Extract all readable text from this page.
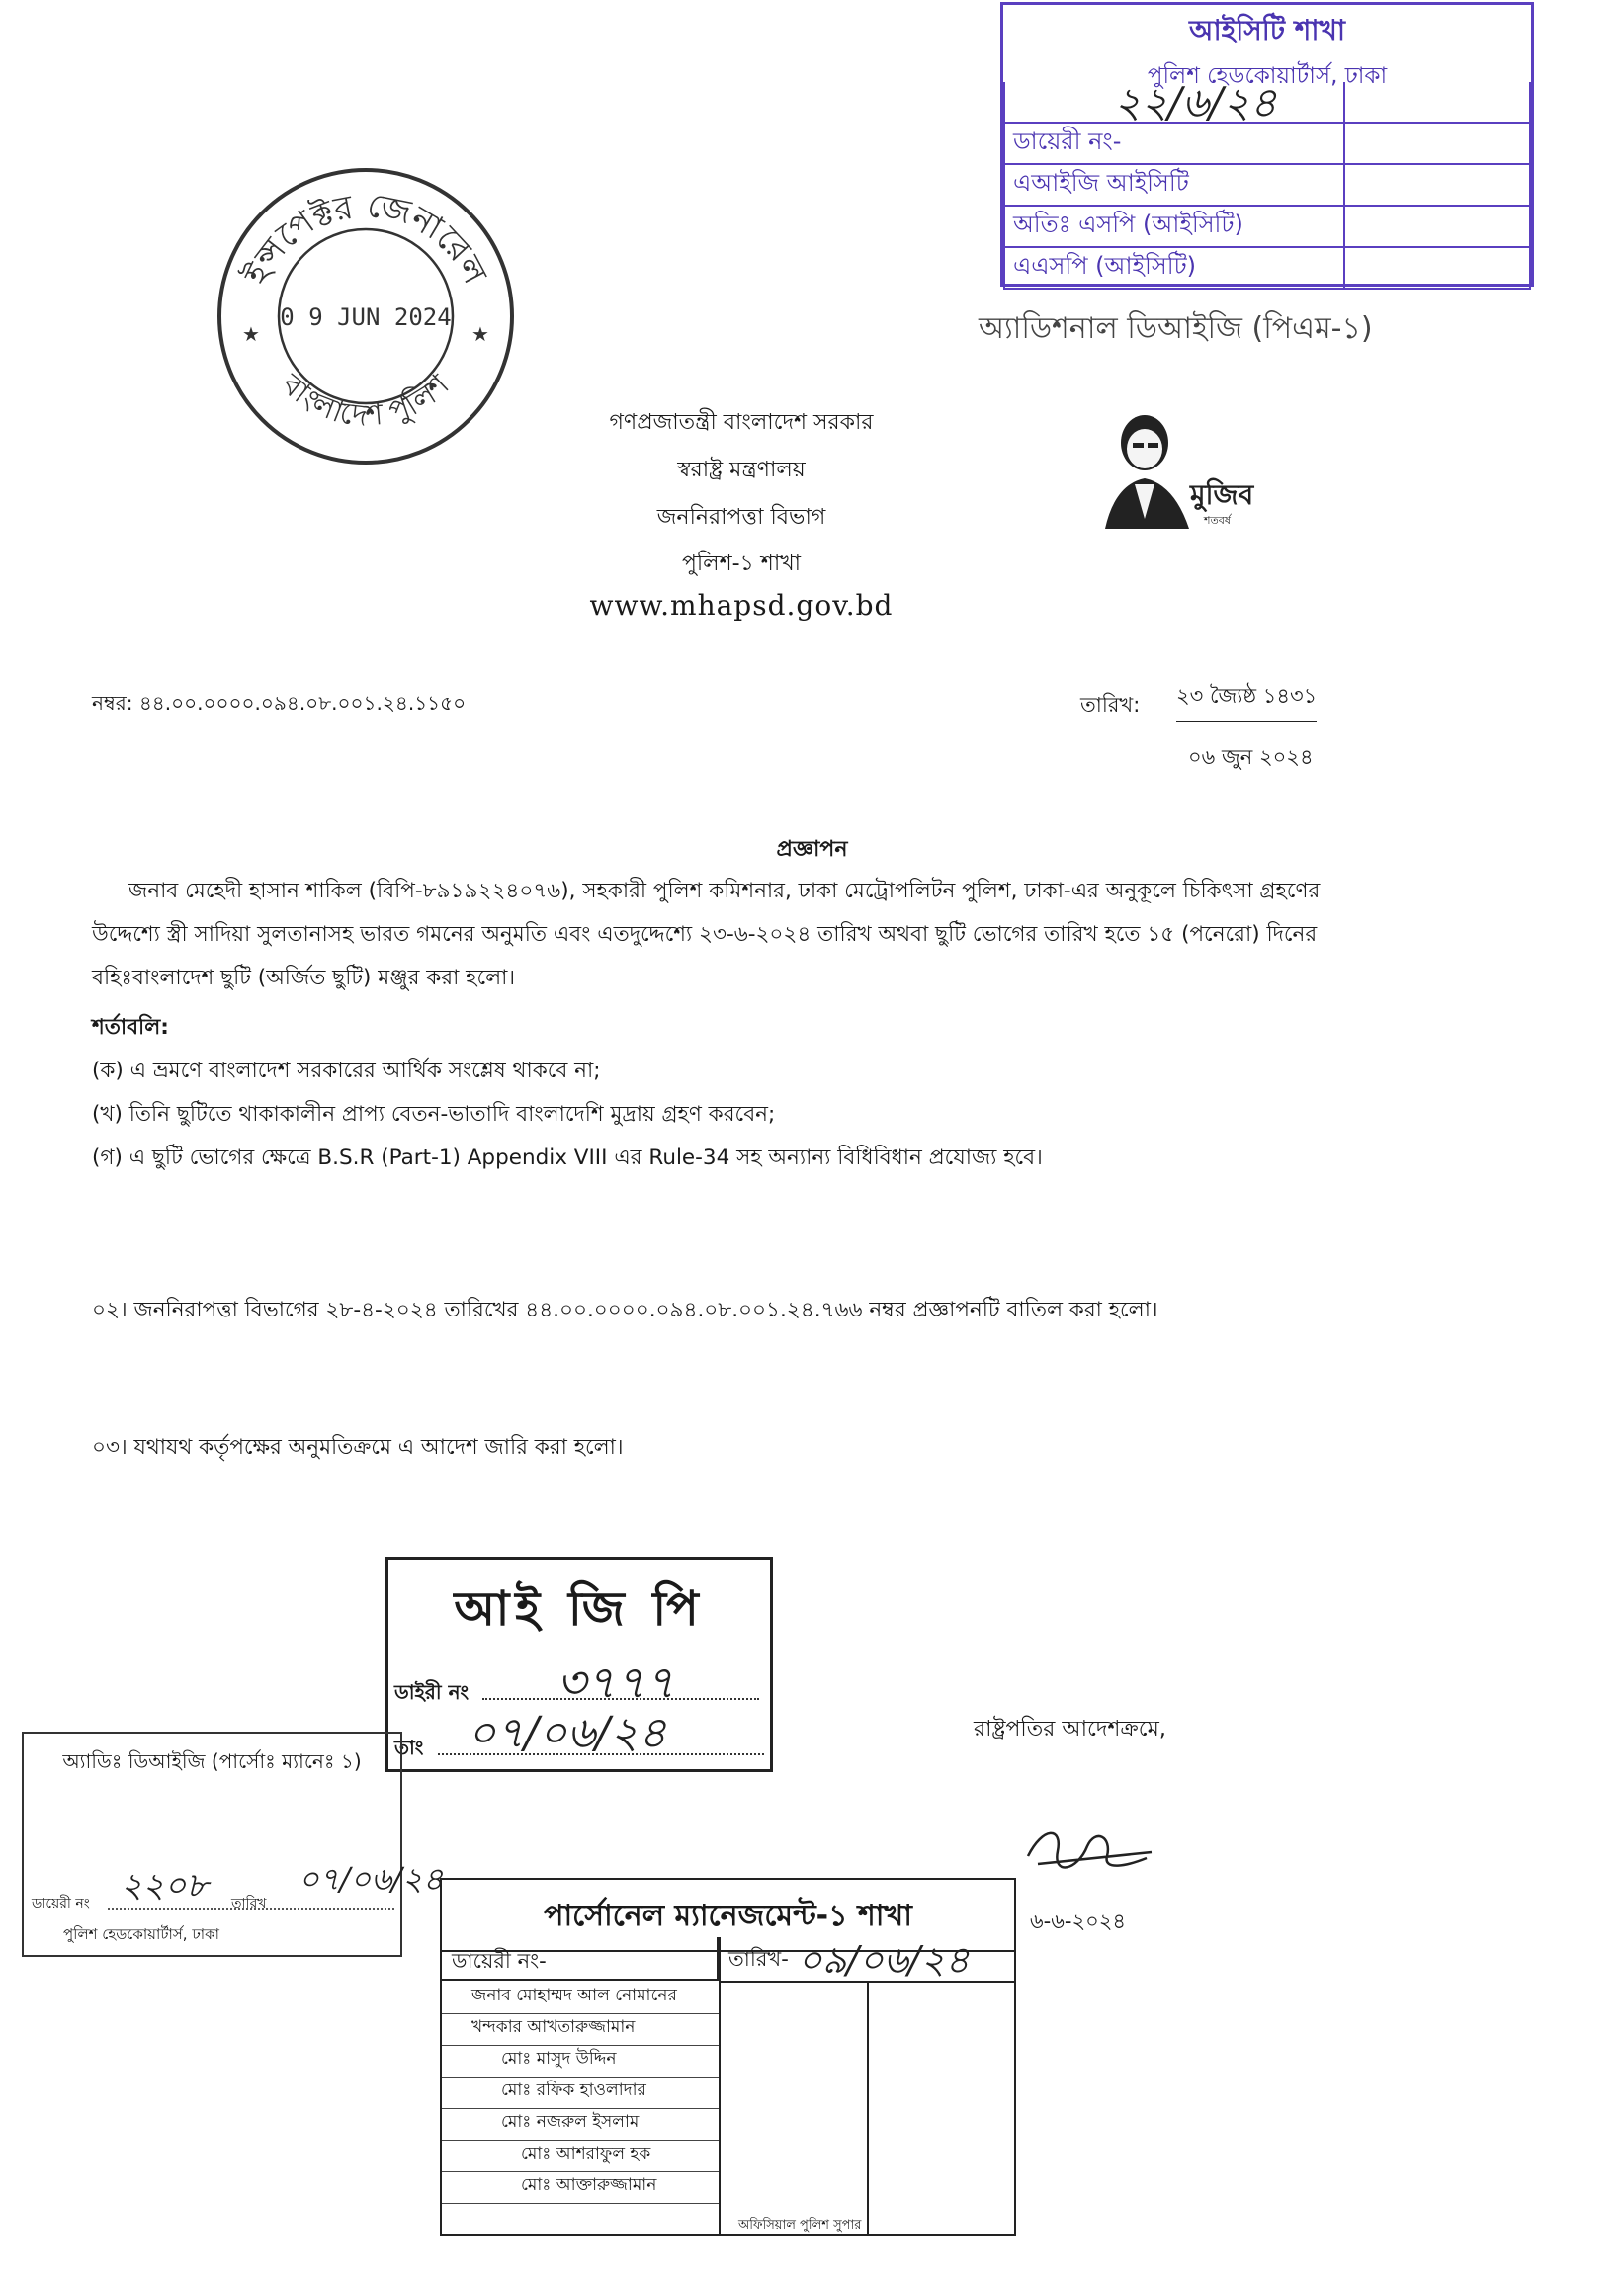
আইসিটি শাখা
পুলিশ হেডকোয়ার্টার্স, ঢাকা
২২/৬/২৪

ডায়েরী নং-	
এআইজি আইসিটি	
অতিঃ এসপি (আইসিটি)	
এএসপি (আইসিটি)	
অ্যাডিশনাল ডিআইজি (পিএম-১)
ইন্সপেক্টর জেনারেল
বাংলাদেশ পুলিশ
0 9 JUN 2024
★	★
মুজিব
শতবর্ষ
গণপ্রজাতন্ত্রী বাংলাদেশ সরকার
স্বরাষ্ট্র মন্ত্রণালয়
জননিরাপত্তা বিভাগ
পুলিশ-১ শাখা
www.mhapsd.gov.bd
নম্বর: ৪৪.০০.০০০০.০৯৪.০৮.০০১.২৪.১১৫০	তারিখ: ২৩ জ্যৈষ্ঠ ১৪৩১
০৬ জুন ২০২৪
প্রজ্ঞাপন
জনাব মেহেদী হাসান শাকিল (বিপি-৮৯১৯২২৪০৭৬), সহকারী পুলিশ কমিশনার, ঢাকা মেট্রোপলিটন পুলিশ, ঢাকা-এর অনুকূলে চিকিৎসা গ্রহণের উদ্দেশ্যে স্ত্রী সাদিয়া সুলতানাসহ ভারত গমনের অনুমতি এবং এতদুদ্দেশ্যে ২৩-৬-২০২৪ তারিখ অথবা ছুটি ভোগের তারিখ হতে ১৫ (পনেরো) দিনের বহিঃবাংলাদেশ ছুটি (অর্জিত ছুটি) মঞ্জুর করা হলো।
শর্তাবলি:
(ক) এ ভ্রমণে বাংলাদেশ সরকারের আর্থিক সংশ্লেষ থাকবে না;
(খ) তিনি ছুটিতে থাকাকালীন প্রাপ্য বেতন-ভাতাদি বাংলাদেশি মুদ্রায় গ্রহণ করবেন;
(গ) এ ছুটি ভোগের ক্ষেত্রে B.S.R (Part-1) Appendix VIII এর Rule-34 সহ অন্যান্য বিধিবিধান প্রযোজ্য হবে।
০২। জননিরাপত্তা বিভাগের ২৮-৪-২০২৪ তারিখের ৪৪.০০.০০০০.০৯৪.০৮.০০১.২৪.৭৬৬ নম্বর প্রজ্ঞাপনটি বাতিল করা হলো।
০৩। যথাযথ কর্তৃপক্ষের অনুমতিক্রমে এ আদেশ জারি করা হলো।
আই জি পি
ডাইরী নং ৩৭৭৭
তাং ০৭/০৬/২৪	রাষ্ট্রপতির আদেশক্রমে,
অ্যাডিঃ ডিআইজি (পার্সোঃ ম্যানেঃ ১)
ডায়েরী নং ২২০৮ তারিখ
০৭/০৬/২৪
পুলিশ হেডকোয়ার্টার্স, ঢাকা
পার্সোনেল ম্যানেজমেন্ট-১ শাখা
ডায়েরী নং-	তারিখ- ০৯/০৬/২৪
জনাব মোহাম্মদ আল নোমানের
খন্দকার আখতারুজ্জামান
মোঃ মাসুদ উদ্দিন
মোঃ রফিক হাওলাদার
মোঃ নজরুল ইসলাম
মোঃ আশরাফুল হক
মোঃ আক্তারুজ্জামান
অফিসিয়াল পুলিশ সুপার
৬-৬-২০২৪
